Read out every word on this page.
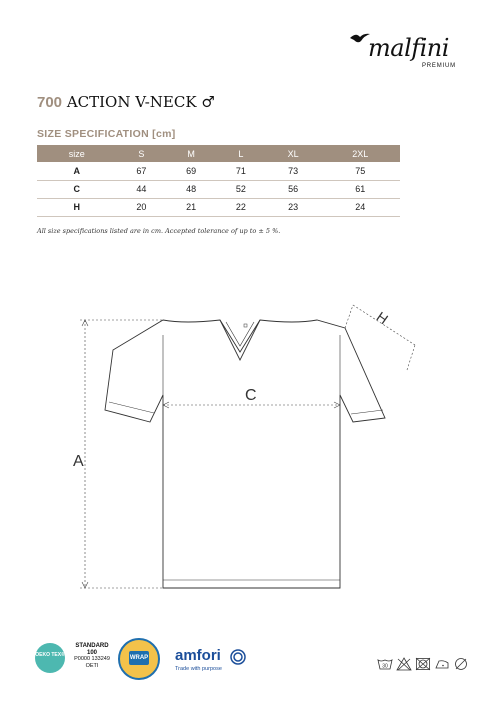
malfini
PREMIUM
700 ACTION V-NECK ♂
SIZE SPECIFICATION [cm]
size	S	M	L	XL	2XL
A	67	69	71	73	75
C	44	48	52	56	61
H	20	21	22	23	24
All size specifications listed are in cm. Accepted tolerance of up to ± 5 %.
A
C
H
OEKO TEX®
STANDARD
100
P0000 133249
OETI
WRAP amfori
Trade with purpose	30
